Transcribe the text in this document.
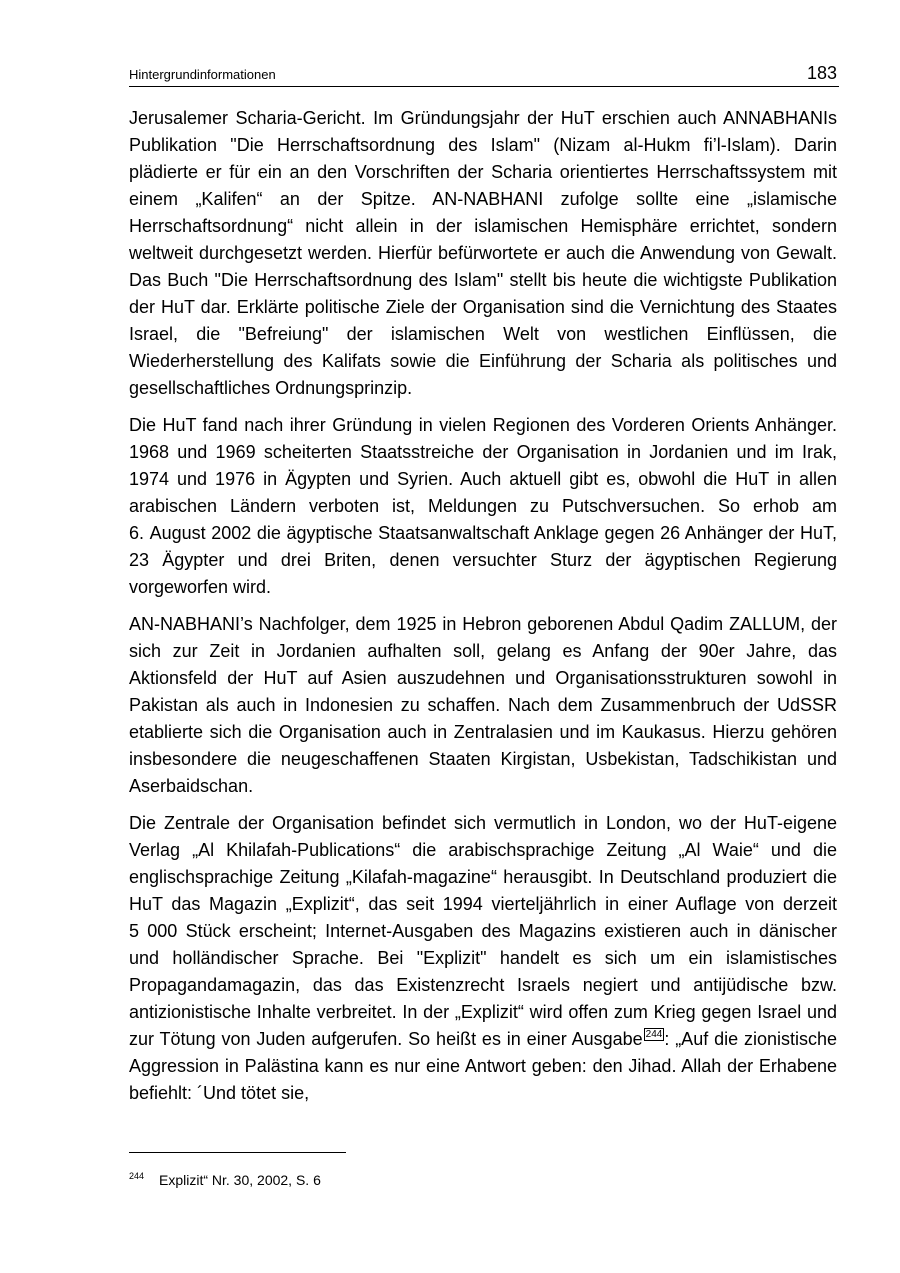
Hintergrundinformationen	183

Jerusalemer Scharia-Gericht. Im Gründungsjahr der HuT erschien auch ANNABHANIs Publikation "Die Herrschaftsordnung des Islam" (Nizam al-Hukm fi’l-Islam). Darin plädierte er für ein an den Vorschriften der Scharia orientiertes Herrschaftssystem mit einem „Kalifen“ an der Spitze. AN-NABHANI zufolge sollte eine „islamische Herrschaftsordnung“ nicht allein in der islamischen Hemisphäre errichtet, sondern weltweit durchgesetzt werden. Hierfür befürwortete er auch die Anwendung von Gewalt. Das Buch "Die Herrschaftsordnung des Islam" stellt bis heute die wichtigste Publikation der HuT dar. Erklärte politische Ziele der Organisation sind die Vernichtung des Staates Israel, die "Befreiung" der islamischen Welt von westlichen Einflüssen, die Wiederherstellung des Kalifats sowie die Einführung der Scharia als politisches und gesellschaftliches Ordnungsprinzip.

Die HuT fand nach ihrer Gründung in vielen Regionen des Vorderen Orients Anhänger. 1968 und 1969 scheiterten Staatsstreiche der Organisation in Jordanien und im Irak, 1974 und 1976 in Ägypten und Syrien. Auch aktuell gibt es, obwohl die HuT in allen arabischen Ländern verboten ist, Meldungen zu Putschversuchen. So erhob am 6. August 2002 die ägyptische Staatsanwaltschaft Anklage gegen 26 Anhänger der HuT, 23 Ägypter und drei Briten, denen versuchter Sturz der ägyptischen Regierung vorgeworfen wird.

AN-NABHANI’s Nachfolger, dem 1925 in Hebron geborenen Abdul Qadim ZALLUM, der sich zur Zeit in Jordanien aufhalten soll, gelang es Anfang der 90er Jahre, das Aktionsfeld der HuT auf Asien auszudehnen und Organisationsstrukturen sowohl in Pakistan als auch in Indonesien zu schaffen. Nach dem Zusammenbruch der UdSSR etablierte sich die Organisation auch in Zentralasien und im Kaukasus. Hierzu gehören insbesondere die neugeschaffenen Staaten Kirgistan, Usbekistan, Tadschikistan und Aserbaidschan.

Die Zentrale der Organisation befindet sich vermutlich in London, wo der HuT-eigene Verlag „Al Khilafah-Publications“ die arabischsprachige Zeitung „Al Waie“ und die englischsprachige Zeitung „Kilafah-magazine“ herausgibt. In Deutschland produziert die HuT das Magazin „Explizit“, das seit 1994 vierteljährlich in einer Auflage von derzeit 5 000 Stück erscheint; Internet-Ausgaben des Magazins existieren auch in dänischer und holländischer Sprache. Bei "Explizit" handelt es sich um ein islamistisches Propagandamagazin, das das Existenzrecht Israels negiert und antijüdische bzw. antizionistische Inhalte verbreitet. In der „Explizit“ wird offen zum Krieg gegen Israel und zur Tötung von Juden aufgerufen. So heißt es in einer Ausgabe 244 : „Auf die zionistische Aggression in Palästina kann es nur eine Antwort geben: den Jihad. Allah der Erhabene befiehlt: ´Und tötet sie,

244 Explizit“ Nr. 30, 2002, S. 6
